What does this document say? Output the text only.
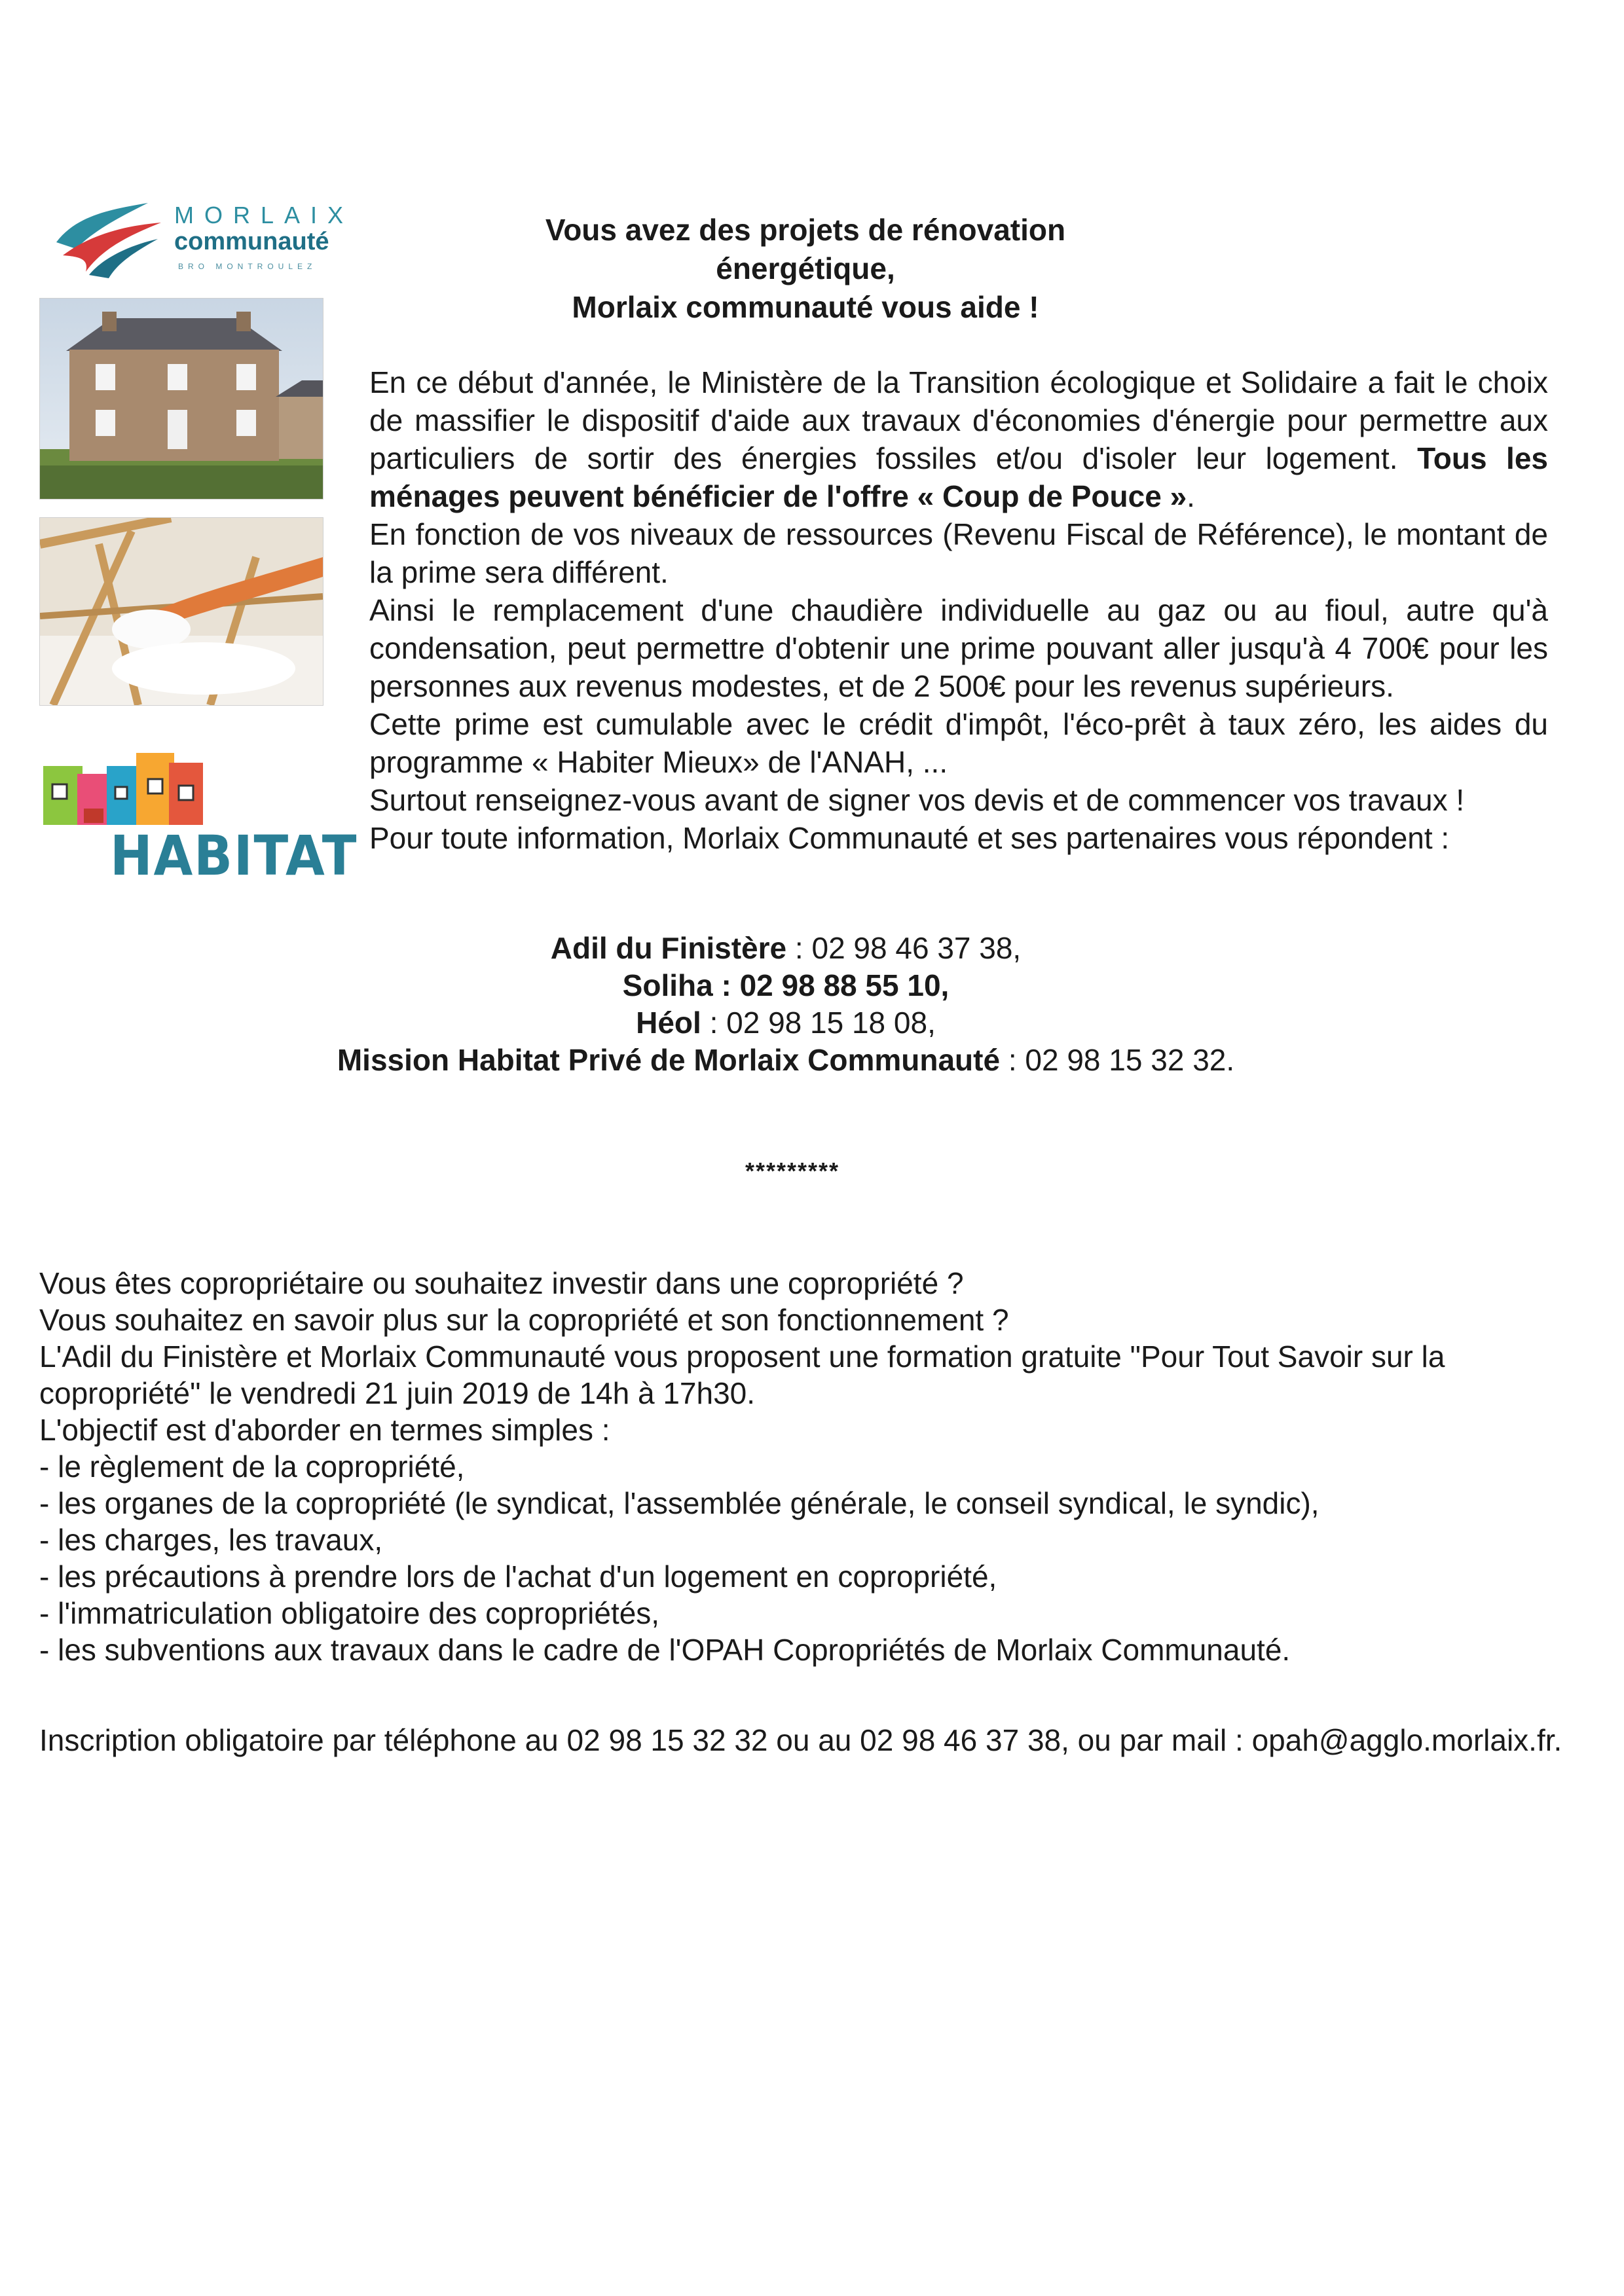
MORLAIX
communauté
BRO MONTROULEZ
HABITAT
Vous avez des projets de rénovation énergétique,
Morlaix communauté vous aide !

En ce début d'année, le Ministère de la Transition écologique et Solidaire a fait le choix de massifier le dispositif d'aide aux travaux d'économies d'énergie pour permettre aux particuliers de sortir des énergies fossiles et/ou d'isoler leur logement. Tous les ménages peuvent bénéficier de l'offre « Coup de Pouce ».

En fonction de vos niveaux de ressources (Revenu Fiscal de Référence), le montant de la prime sera différent.

Ainsi le remplacement d'une chaudière individuelle au gaz ou au fioul, autre qu'à condensation, peut permettre d'obtenir une prime pouvant aller jusqu'à 4 700€ pour les personnes aux revenus modestes, et de 2 500€ pour les revenus supérieurs.

Cette prime est cumulable avec le crédit d'impôt, l'éco-prêt à taux zéro, les aides du programme « Habiter Mieux» de l'ANAH, ...

Surtout renseignez-vous avant de signer vos devis et de commencer vos travaux !

Pour toute information, Morlaix Communauté et ses partenaires vous répondent :

Adil du Finistère : 02 98 46 37 38,
Soliha : 02 98 88 55 10,
Héol : 02 98 15 18 08,
Mission Habitat Privé de Morlaix Communauté : 02 98 15 32 32.
*********

Vous êtes copropriétaire ou souhaitez investir dans une copropriété ?

Vous souhaitez en savoir plus sur la copropriété et son fonctionnement ?

L'Adil du Finistère et Morlaix Communauté vous proposent une formation gratuite "Pour Tout Savoir sur la copropriété" le vendredi 21 juin 2019 de 14h à 17h30.

L'objectif est d'aborder en termes simples :

- le règlement de la copropriété,
- les organes de la copropriété (le syndicat, l'assemblée générale, le conseil syndical, le syndic),
- les charges, les travaux,
- les précautions à prendre lors de l'achat d'un logement en copropriété,
- l'immatriculation obligatoire des copropriétés,
- les subventions aux travaux dans le cadre de l'OPAH Copropriétés de Morlaix Communauté.

Inscription obligatoire par téléphone au 02 98 15 32 32 ou au 02 98 46 37 38, ou par mail : opah@agglo.morlaix.fr.
